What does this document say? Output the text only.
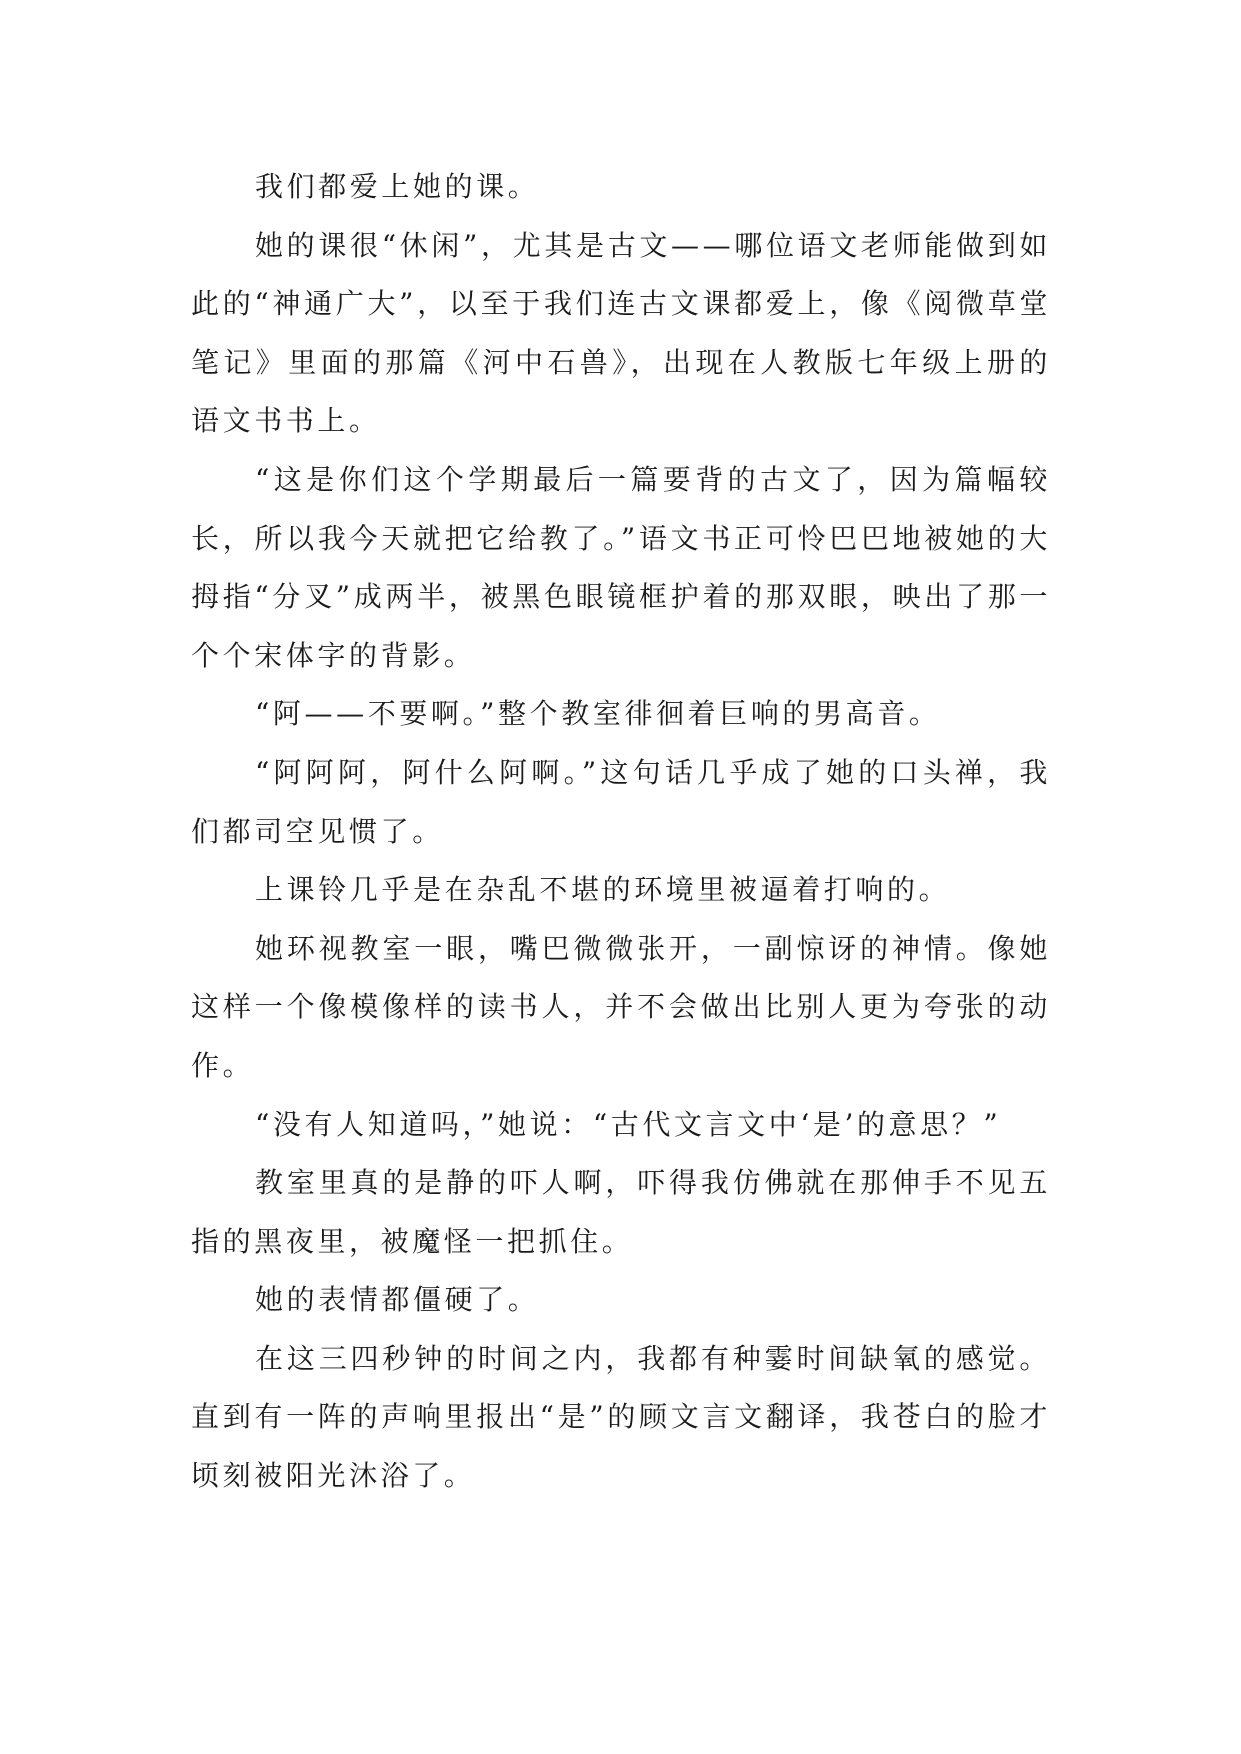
我们都爱上她的课。

她的课很“休闲”，尤其是古文——哪位语文老师能做到如此的“神通广大”，以至于我们连古文课都爱上，像《阅微草堂笔记》里面的那篇《河中石兽》，出现在人教版七年级上册的语文书书上。

“这是你们这个学期最后一篇要背的古文了，因为篇幅较长，所以我今天就把它给教了。”语文书正可怜巴巴地被她的大拇指“分叉”成两半，被黑色眼镜框护着的那双眼，映出了那一个个宋体字的背影。

“阿——不要啊。”整个教室徘徊着巨响的男高音。

“阿阿阿，阿什么阿啊。”这句话几乎成了她的口头禅，我们都司空见惯了。

上课铃几乎是在杂乱不堪的环境里被逼着打响的。

她环视教室一眼，嘴巴微微张开，一副惊讶的神情。像她这样一个像模像样的读书人，并不会做出比别人更为夸张的动作。

“没有人知道吗，”她说：“古代文言文中‘是’的意思？”

教室里真的是静的吓人啊，吓得我仿佛就在那伸手不见五指的黑夜里，被魔怪一把抓住。

她的表情都僵硬了。

在这三四秒钟的时间之内，我都有种霎时间缺氧的感觉。直到有一阵的声响里报出“是”的顾文言文翻译，我苍白的脸才顷刻被阳光沐浴了。
